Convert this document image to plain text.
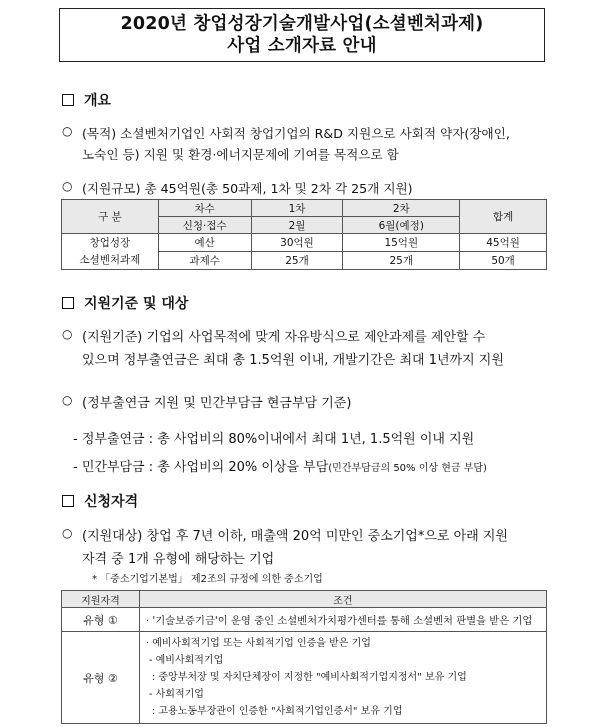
2020년 창업성장기술개발사업(소셜벤처과제)
사업 소개자료 안내
개요
○ (목적) 소셜벤처기업인 사회적 창업기업의 R&D 지원으로 사회적 약자(장애인,
노숙인 등) 지원 및 환경·에너지문제에 기여를 목적으로 함
○ (지원규모) 총 45억원(총 50과제, 1차 및 2차 각 25개 지원)
구 분	차수	1차	2차	합계
	신청·접수	2월	6월(예정)	

창업성장
소셜벤처과제	예산	30억원	15억원	45억원
	과제수	25개	25개	50개
지원기준 및 대상
○ (지원기준) 기업의 사업목적에 맞게 자유방식으로 제안과제를 제안할 수
있으며 정부출연금은 최대 총 1.5억원 이내, 개발기간은 최대 1년까지 지원
○ (정부출연금 지원 및 민간부담금 현금부담 기준)
- 정부출연금 : 총 사업비의 80%이내에서 최대 1년, 1.5억원 이내 지원
- 민간부담금 : 총 사업비의 20% 이상을 부담(민간부담금의 50% 이상 현금 부담)
신청자격
○ (지원대상) 창업 후 7년 이하, 매출액 20억 미만인 중소기업*으로 아래 지원
자격 중 1개 유형에 해당하는 기업
* 「중소기업기본법」 제2조의 규정에 의한 중소기업
지원자격	조건
유형 ①	· '기술보증기금'이 운영 중인 소셜벤처가치평가센터를 통해 소셜벤처 판별을 받은 기업
유형 ②	· 예비사회적기업 또는 사회적기업 인증을 받은 기업
- 예비사회적기업
: 중앙부처장 및 자치단체장이 지정한 "예비사회적기업지정서" 보유 기업
- 사회적기업
: 고용노동부장관이 인증한 "사회적기업인증서" 보유 기업
